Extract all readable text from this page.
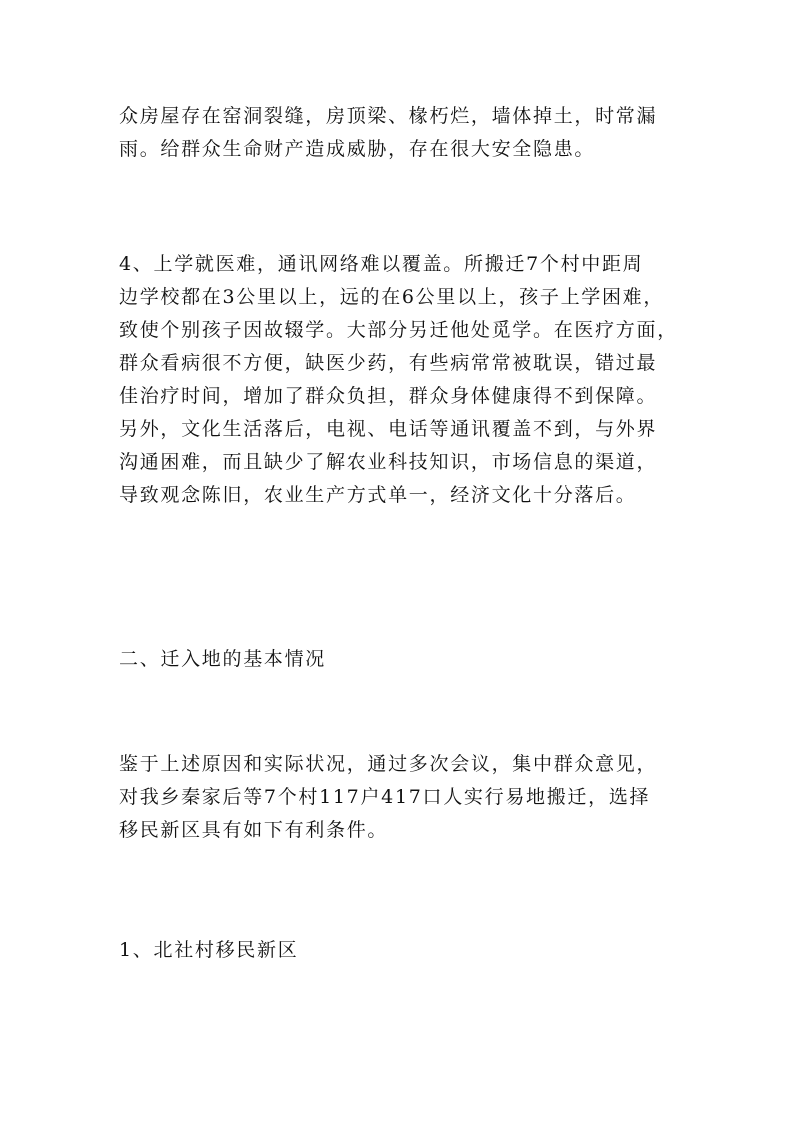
众房屋存在窑洞裂缝，房顶梁、椽朽烂，墙体掉土，时常漏
雨。给群众生命财产造成威胁，存在很大安全隐患。
4、上学就医难，通讯网络难以覆盖。所搬迁7个村中距周
边学校都在3公里以上，远的在6公里以上，孩子上学困难，
致使个别孩子因故辍学。大部分另迁他处觅学。在医疗方面，
群众看病很不方便，缺医少药，有些病常常被耽误，错过最
佳治疗时间，增加了群众负担，群众身体健康得不到保障。
另外，文化生活落后，电视、电话等通讯覆盖不到，与外界
沟通困难，而且缺少了解农业科技知识，市场信息的渠道，
导致观念陈旧，农业生产方式单一，经济文化十分落后。
二、迁入地的基本情况
鉴于上述原因和实际状况，通过多次会议，集中群众意见，
对我乡秦家后等7个村117户417口人实行易地搬迁，选择
移民新区具有如下有利条件。
1、北社村移民新区
